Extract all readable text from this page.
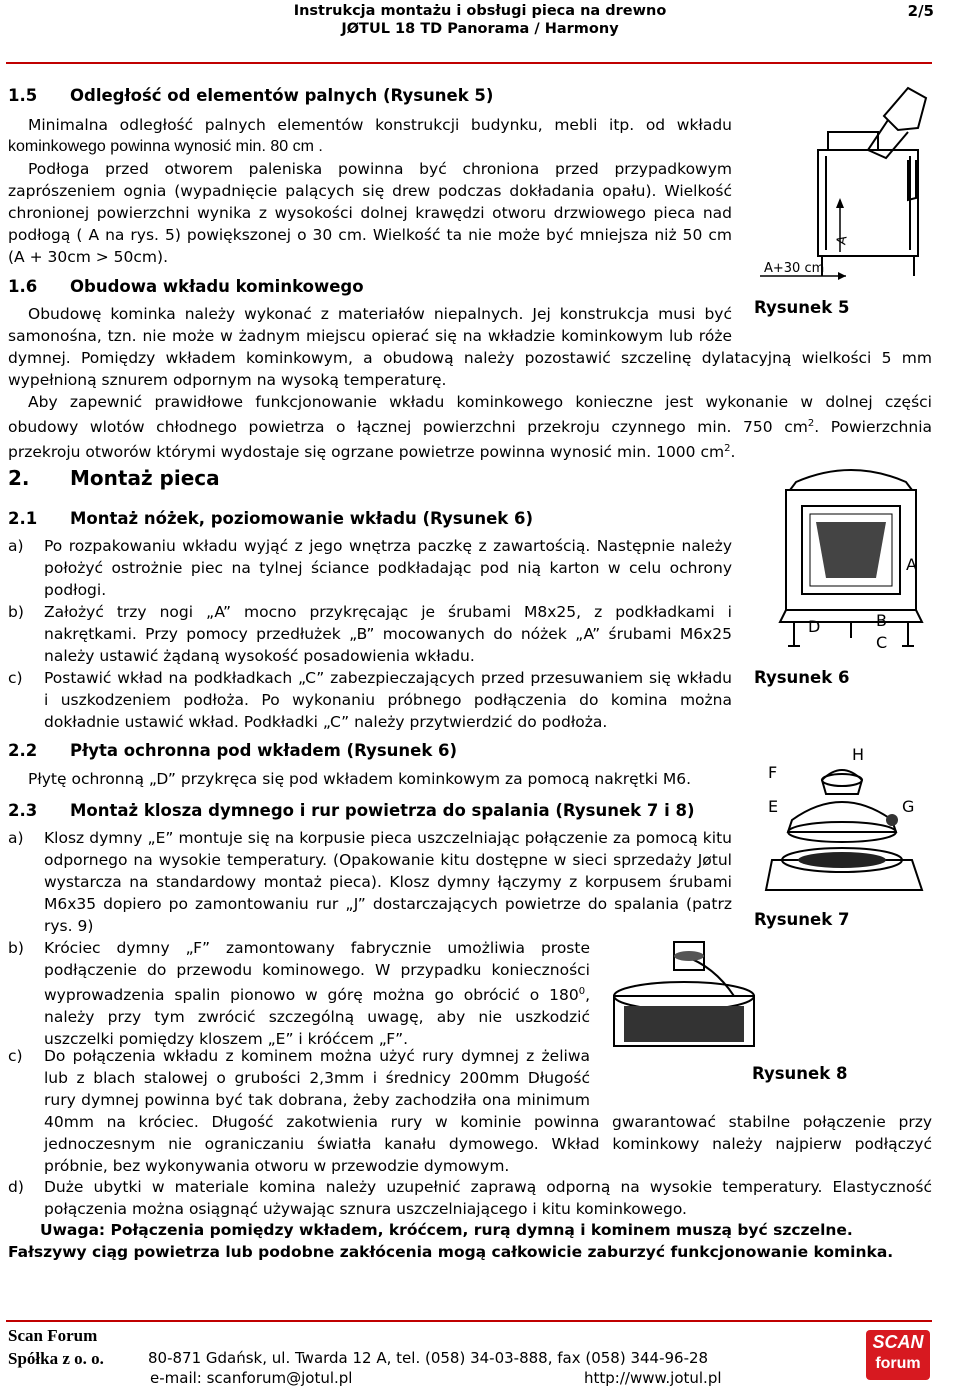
Instrukcja montażu i obsługi pieca na drewno
JØTUL 18 TD Panorama / Harmony
2/5
1.5 Odległość od elementów palnych (Rysunek 5)
Minimalna odległość palnych elementów konstrukcji budynku, mebli itp. od wkładu
kominkowego powinna wynosić min. 80 cm .
Podłoga przed otworem paleniska powinna być chroniona przed przypadkowym
zaprószeniem ognia (wypadnięcie palących się drew podczas dokładania opału). Wielkość
chronionej powierzchni wynika z wysokości dolnej krawędzi otworu drzwiowego pieca nad
podłogą ( A na rys. 5) powiększonej o 30 cm. Wielkość ta nie może być mniejsza niż 50 cm
(A + 30cm > 50cm).
A
A+30 cm
Rysunek 5
1.6 Obudowa wkładu kominkowego
Obudowę kominka należy wykonać z materiałów niepalnych. Jej konstrukcja musi być
samonośna, tzn. nie może w żadnym miejscu opierać się na wkładzie kominkowym lub róże
dymnej. Pomiędzy wkładem kominkowym, a obudową należy pozostawić szczelinę dylatacyjną wielkości 5 mm
wypełnioną sznurem odpornym na wysoką temperaturę.
Aby zapewnić prawidłowe funkcjonowanie wkładu kominkowego konieczne jest wykonanie w dolnej części
obudowy wlotów chłodnego powietrza o łącznej powierzchni przekroju czynnego min. 750 $cm^2$. Powierzchnia
przekroju otworów którymi wydostaje się ogrzane powietrze powinna wynosić min. 1000 $cm^2$.
2. Montaż pieca
2.1 Montaż nóżek, poziomowanie wkładu (Rysunek 6)
a) Po rozpakowaniu wkładu wyjąć z jego wnętrza paczkę z zawartością. Następnie należy
położyć ostrożnie piec na tylnej ściance podkładając pod nią karton w celu ochrony
podłogi.
b) Założyć trzy nogi „A” mocno przykręcając je śrubami M8x25, z podkładkami i
nakrętkami. Przy pomocy przedłużek „B” mocowanych do nóżek „A” śrubami M6x25
należy ustawić żądaną wysokość posadowienia wkładu.
c) Postawić wkład na podkładkach „C” zabezpieczających przed przesuwaniem się wkładu
i uszkodzeniem podłoża. Po wykonaniu próbnego podłączenia do komina można
dokładnie ustawić wkład. Podkładki „C” należy przytwierdzić do podłoża.
A
B
C
D
Rysunek 6
2.2 Płyta ochronna pod wkładem (Rysunek 6)
Płytę ochronną „D” przykręca się pod wkładem kominkowym za pomocą nakrętki M6.
2.3 Montaż klosza dymnego i rur powietrza do spalania (Rysunek 7 i 8)
a) Klosz dymny „E” montuje się na korpusie pieca uszczelniając połączenie za pomocą kitu
odpornego na wysokie temperatury. (Opakowanie kitu dostępne w sieci sprzedaży Jøtul
wystarcza na standardowy montaż pieca). Klosz dymny łączymy z korpusem śrubami
M6x35 dopiero po zamontowaniu rur „J” dostarczających powietrze do spalania (patrz
rys. 9)
b) Króciec dymny „F” zamontowany fabrycznie umożliwia proste
podłączenie do przewodu kominowego. W przypadku konieczności
wyprowadzenia spalin pionowo w górę można go obrócić o $180^0$,
należy przy tym zwrócić szczególną uwagę, aby nie uszkodzić
uszczelki pomiędzy kloszem „E” i króćcem „F”.
c) Do połączenia wkładu z kominem można użyć rury dymnej z żeliwa
lub z blach stalowej o grubości 2,3mm i średnicy 200mm Długość
rury dymnej powinna być tak dobrana, żeby zachodziła ona minimum
40mm na króciec. Długość zakotwienia rury w kominie powinna gwarantować stabilne połączenie przy
jednoczesnym nie ograniczaniu światła kanału dymowego. Wkład kominkowy należy najpierw podłączyć
próbnie, bez wykonywania otworu w przewodzie dymowym.
d) Duże ubytki w materiale komina należy uzupełnić zaprawą odporną na wysokie temperatury. Elastyczność
połączenia można osiągnąć używając sznura uszczelniającego i kitu kominkowego.
F
H
E	G
Rysunek 7
Rysunek 8
Uwaga: Połączenia pomiędzy wkładem, króćcem, rurą dymną i kominem muszą być szczelne.
Fałszywy ciąg powietrza lub podobne zakłócenia mogą całkowicie zaburzyć funkcjonowanie kominka.
Scan Forum
Spółka z o. o.	80-871 Gdańsk, ul. Twarda 12 A, tel. (058) 34-03-888, fax (058) 344-96-28
e-mail: scanforum@jotul.pl	http://www.jotul.pl
SCAN
forum
